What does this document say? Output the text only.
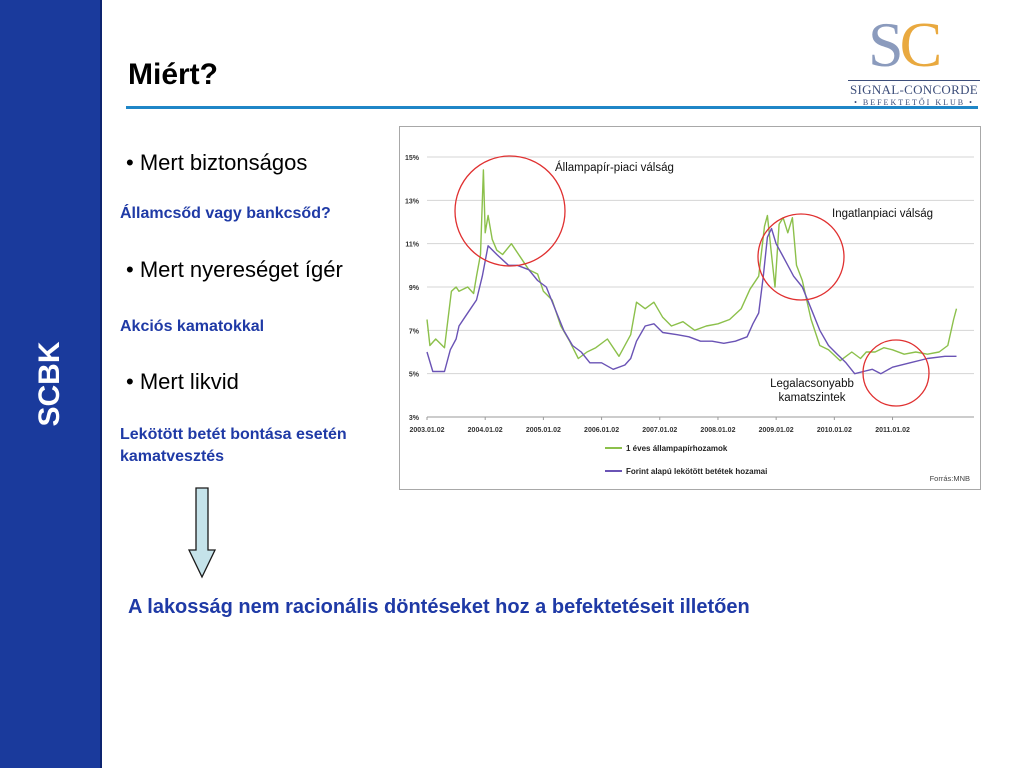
SCBK
Miért?	SC
SIGNAL-CONCORDE
• BEFEKTETŐI KLUB •
• Mert biztonságos
Államcsőd vagy bankcsőd?
• Mert nyereséget ígér
Akciós kamatokkal
• Mert likvid
Lekötött betét bontása esetén kamatvesztés
3%
5%
7%
9%
11%
13%
15%
2003.01.02	2004.01.02	2005.01.02	2006.01.02	2007.01.02	2008.01.02	2009.01.02	2010.01.02	2011.01.02
Állampapír-piaci válság
Ingatlanpiaci válság
Legalacsonyabb kamatszintek
1 éves állampapírhozamok
Forint alapú lekötött betétek hozamai
Forrás:MNB
A lakosság nem racionális döntéseket hoz a befektetéseit illetően
